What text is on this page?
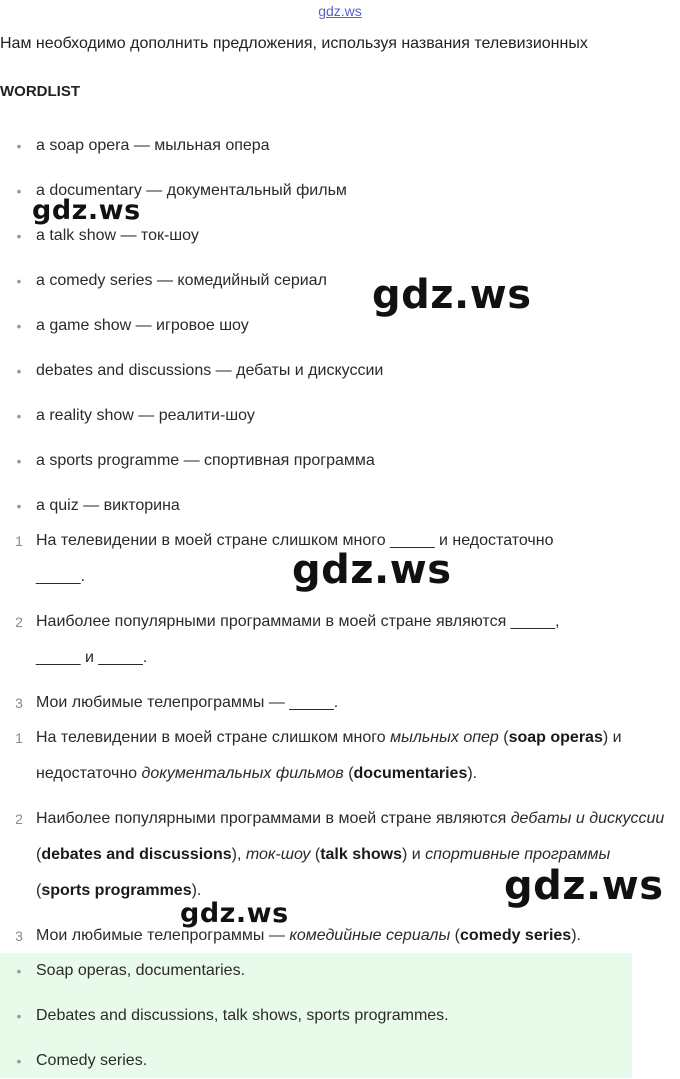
gdz.ws
Нам необходимо дополнить предложения, используя названия телевизионных
WORDLIST
• a soap opera — мыльная опера
• a documentary — документальный фильм
• a talk show — ток-шоу
• a comedy series — комедийный сериал
• a game show — игровое шоу
• debates and discussions — дебаты и дискуссии
• a reality show — реалити-шоу
• a sports programme — спортивная программа
• a quiz — викторина
1 На телевидении в моей стране слишком много _____ и недостаточно
_____.
2 Наиболее популярными программами в моей стране являются _____,
_____ и _____.
3 Мои любимые телепрограммы — _____.
1 На телевидении в моей стране слишком много мыльных опер (soap operas) и недостаточно документальных фильмов (documentaries).
2 Наиболее популярными программами в моей стране являются дебаты и дискуссии (debates and discussions), ток-шоу (talk shows) и спортивные программы (sports programmes).
3 Мои любимые телепрограммы — комедийные сериалы (comedy series).
• Soap operas, documentaries.
• Debates and discussions, talk shows, sports programmes.
• Comedy series.
gdz.ws
gdz.ws
gdz.ws
gdz.ws
gdz.ws
